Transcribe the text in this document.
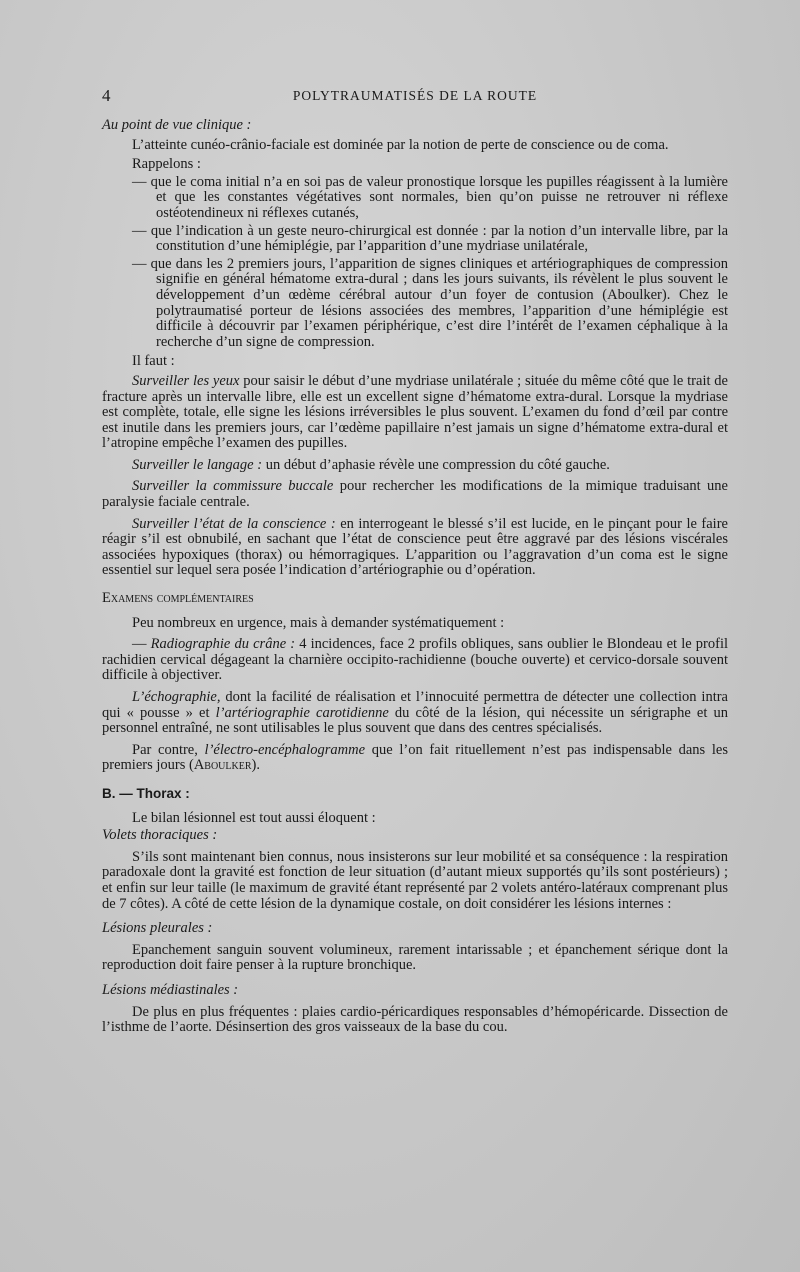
4	POLYTRAUMATISÉS DE LA ROUTE

Au point de vue clinique :

L’atteinte cunéo-crânio-faciale est dominée par la notion de perte de conscience ou de coma.

Rappelons :

— que le coma initial n’a en soi pas de valeur pronostique lorsque les pupilles réagissent à la lumière et que les constantes végétatives sont normales, bien qu’on puisse ne retrouver ni réflexe ostéotendineux ni réflexes cutanés,

— que l’indication à un geste neuro-chirurgical est donnée : par la notion d’un intervalle libre, par la constitution d’une hémiplégie, par l’apparition d’une mydriase unilatérale,

— que dans les 2 premiers jours, l’apparition de signes cliniques et artériographiques de compression signifie en général hématome extra-dural ; dans les jours suivants, ils révèlent le plus souvent le développement d’un œdème cérébral autour d’un foyer de contusion (Aboulker). Chez le polytraumatisé porteur de lésions associées des membres, l’apparition d’une hémiplégie est difficile à découvrir par l’examen périphérique, c’est dire l’intérêt de l’examen céphalique à la recherche d’un signe de compression.

Il faut :

Surveiller les yeux pour saisir le début d’une mydriase unilatérale ; située du même côté que le trait de fracture après un intervalle libre, elle est un excellent signe d’hématome extra-dural. Lorsque la mydriase est complète, totale, elle signe les lésions irréversibles le plus souvent. L’examen du fond d’œil par contre est inutile dans les premiers jours, car l’œdème papillaire n’est jamais un signe d’hématome extra-dural et l’atropine empêche l’examen des pupilles.

Surveiller le langage : un début d’aphasie révèle une compression du côté gauche.

Surveiller la commissure buccale pour rechercher les modifications de la mimique traduisant une paralysie faciale centrale.

Surveiller l’état de la conscience : en interrogeant le blessé s’il est lucide, en le pinçant pour le faire réagir s’il est obnubilé, en sachant que l’état de conscience peut être aggravé par des lésions viscérales associées hypoxiques (thorax) ou hémorragiques. L’apparition ou l’aggravation d’un coma est le signe essentiel sur lequel sera posée l’indication d’artériographie ou d’opération.

Examens complémentaires

Peu nombreux en urgence, mais à demander systématiquement :

— Radiographie du crâne : 4 incidences, face 2 profils obliques, sans oublier le Blondeau et le profil rachidien cervical dégageant la charnière occipito-rachidienne (bouche ouverte) et cervico-dorsale souvent difficile à objectiver.

L’échographie, dont la facilité de réalisation et l’innocuité permettra de détecter une collection intra qui « pousse » et l’artériographie carotidienne du côté de la lésion, qui nécessite un sérigraphe et un personnel entraîné, ne sont utilisables le plus souvent que dans des centres spécialisés.

Par contre, l’électro-encéphalogramme que l’on fait rituellement n’est pas indispensable dans les premiers jours (Aboulker).

B. — Thorax :

Le bilan lésionnel est tout aussi éloquent :

Volets thoraciques :

S’ils sont maintenant bien connus, nous insisterons sur leur mobilité et sa conséquence : la respiration paradoxale dont la gravité est fonction de leur situation (d’autant mieux supportés qu’ils sont postérieurs) ; et enfin sur leur taille (le maximum de gravité étant représenté par 2 volets antéro-latéraux comprenant plus de 7 côtes). A côté de cette lésion de la dynamique costale, on doit considérer les lésions internes :

Lésions pleurales :

Epanchement sanguin souvent volumineux, rarement intarissable ; et épanchement sérique dont la reproduction doit faire penser à la rupture bronchique.

Lésions médiastinales :

De plus en plus fréquentes : plaies cardio-péricardiques responsables d’hémopéricarde. Dissection de l’isthme de l’aorte. Désinsertion des gros vaisseaux de la base du cou.
